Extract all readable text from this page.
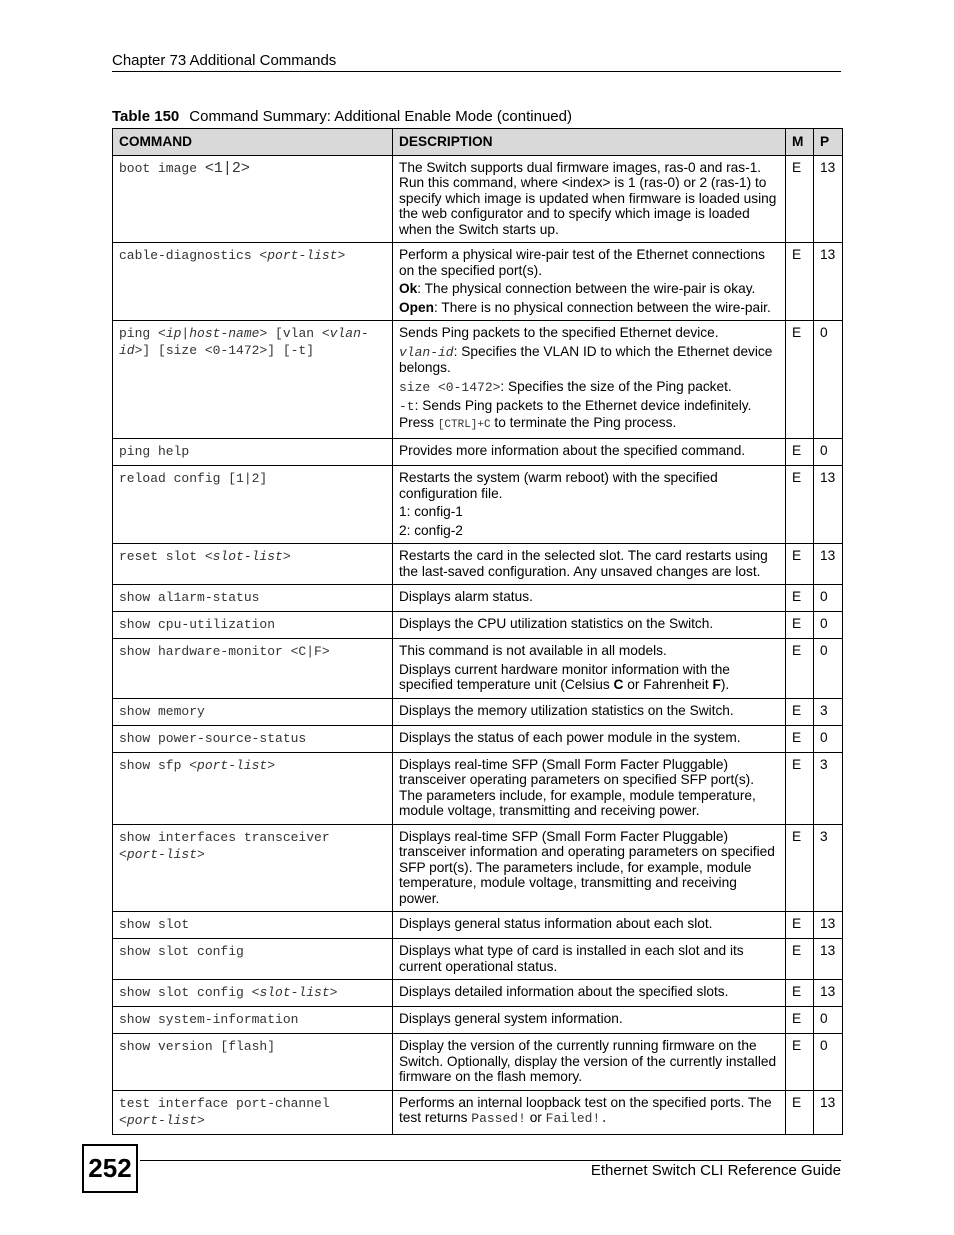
Chapter 73 Additional Commands
Table 150 Command Summary: Additional Enable Mode (continued)
COMMAND	DESCRIPTION	M	P
boot image <1|2>	The Switch supports dual firmware images, ras-0 and ras-1. Run this command, where <index> is 1 (ras-0) or 2 (ras-1) to specify which image is updated when firmware is loaded using the web configurator and to specify which image is loaded when the Switch starts up.	E	13
cable-diagnostics <port-list>	Perform a physical wire-pair test of the Ethernet connections on the specified port(s).
Ok: The physical connection between the wire-pair is okay.
Open: There is no physical connection between the wire-pair.	E	13
ping <ip|host-name> [vlan <vlan-id>] [size <0-1472>] [-t]	Sends Ping packets to the specified Ethernet device.
vlan-id: Specifies the VLAN ID to which the Ethernet device belongs.
size <0-1472>: Specifies the size of the Ping packet.
-t: Sends Ping packets to the Ethernet device indefinitely. Press [CTRL]+C to terminate the Ping process.	E	0
ping help	Provides more information about the specified command.	E	0
reload config [1|2]	Restarts the system (warm reboot) with the specified configuration file.
1: config-1
2: config-2	E	13
reset slot <slot-list>	Restarts the card in the selected slot. The card restarts using the last-saved configuration. Any unsaved changes are lost.	E	13
show al1arm-status	Displays alarm status.	E	0
show cpu-utilization	Displays the CPU utilization statistics on the Switch.	E	0
show hardware-monitor <C|F>	This command is not available in all models.
Displays current hardware monitor information with the specified temperature unit (Celsius C or Fahrenheit F).	E	0
show memory	Displays the memory utilization statistics on the Switch.	E	3
show power-source-status	Displays the status of each power module in the system.	E	0
show sfp <port-list>	Displays real-time SFP (Small Form Facter Pluggable) transceiver operating parameters on specified SFP port(s). The parameters include, for example, module temperature, module voltage, transmitting and receiving power.	E	3
show interfaces transceiver
<port-list>	Displays real-time SFP (Small Form Facter Pluggable) transceiver information and operating parameters on specified SFP port(s). The parameters include, for example, module temperature, module voltage, transmitting and receiving power.	E	3
show slot	Displays general status information about each slot.	E	13
show slot config	Displays what type of card is installed in each slot and its current operational status.	E	13
show slot config <slot-list>	Displays detailed information about the specified slots.	E	13
show system-information	Displays general system information.	E	0
show version [flash]	Display the version of the currently running firmware on the Switch. Optionally, display the version of the currently installed firmware on the flash memory.	E	0
test interface port-channel
<port-list>	Performs an internal loopback test on the specified ports. The test returns Passed! or Failed!.	E	13
252	Ethernet Switch CLI Reference Guide
